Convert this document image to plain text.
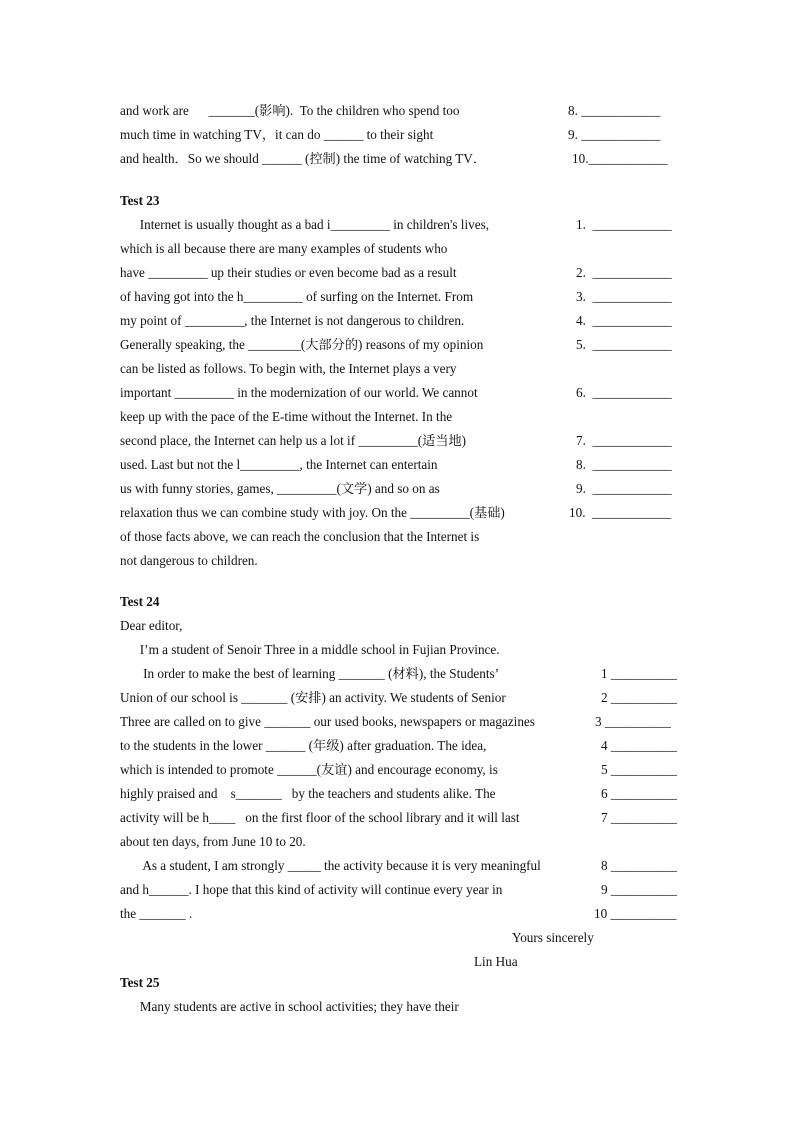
and work are      _______(影响).  To the children who spend too
much time in watching TV，it can do ______ to their sight
and health．So we should ______ (控制) the time of watching TV．
8. ____________
9. ____________
10.____________
Test 23
Internet is usually thought as a bad i_________ in children's lives,
which is all because there are many examples of students who
have _________ up their studies or even become bad as a result
of having got into the h_________ of surfing on the Internet. From
my point of _________, the Internet is not dangerous to children.
Generally speaking, the ________(大部分的) reasons of my opinion
can be listed as follows. To begin with, the Internet plays a very
important _________ in the modernization of our world. We cannot
keep up with the pace of the E-time without the Internet. In the
second place, the Internet can help us a lot if _________(适当地)
used. Last but not the l_________, the Internet can entertain
us with funny stories, games, _________(文学) and so on as
relaxation thus we can combine study with joy. On the _________(基础)
of those facts above, we can reach the conclusion that the Internet is
not dangerous to children.
1.  ____________
2.  ____________
3.  ____________
4.  ____________
5.  ____________
6.  ____________
7.  ____________
8.  ____________
9.  ____________
10.  ____________
Test 24
Dear editor,
I’m a student of Senoir Three in a middle school in Fujian Province.
In order to make the best of learning _______ (材料), the Students’
Union of our school is _______ (安排) an activity. We students of Senior
Three are called on to give _______ our used books, newspapers or magazines
to the students in the lower ______ (年级) after graduation. The idea,
which is intended to promote ______(友谊) and encourage economy, is
highly praised and    s_______   by the teachers and students alike. The
activity will be h____   on the first floor of the school library and it will last
about ten days, from June 10 to 20.
As a student, I am strongly _____ the activity because it is very meaningful
and h______. I hope that this kind of activity will continue every year in
the _______ .
1 __________
2 __________
3 __________
4 __________
5 __________
6 __________
7 __________
8 __________
9 __________
10 __________
Yours sincerely
Lin Hua
Test 25
Many students are active in school activities; they have their
